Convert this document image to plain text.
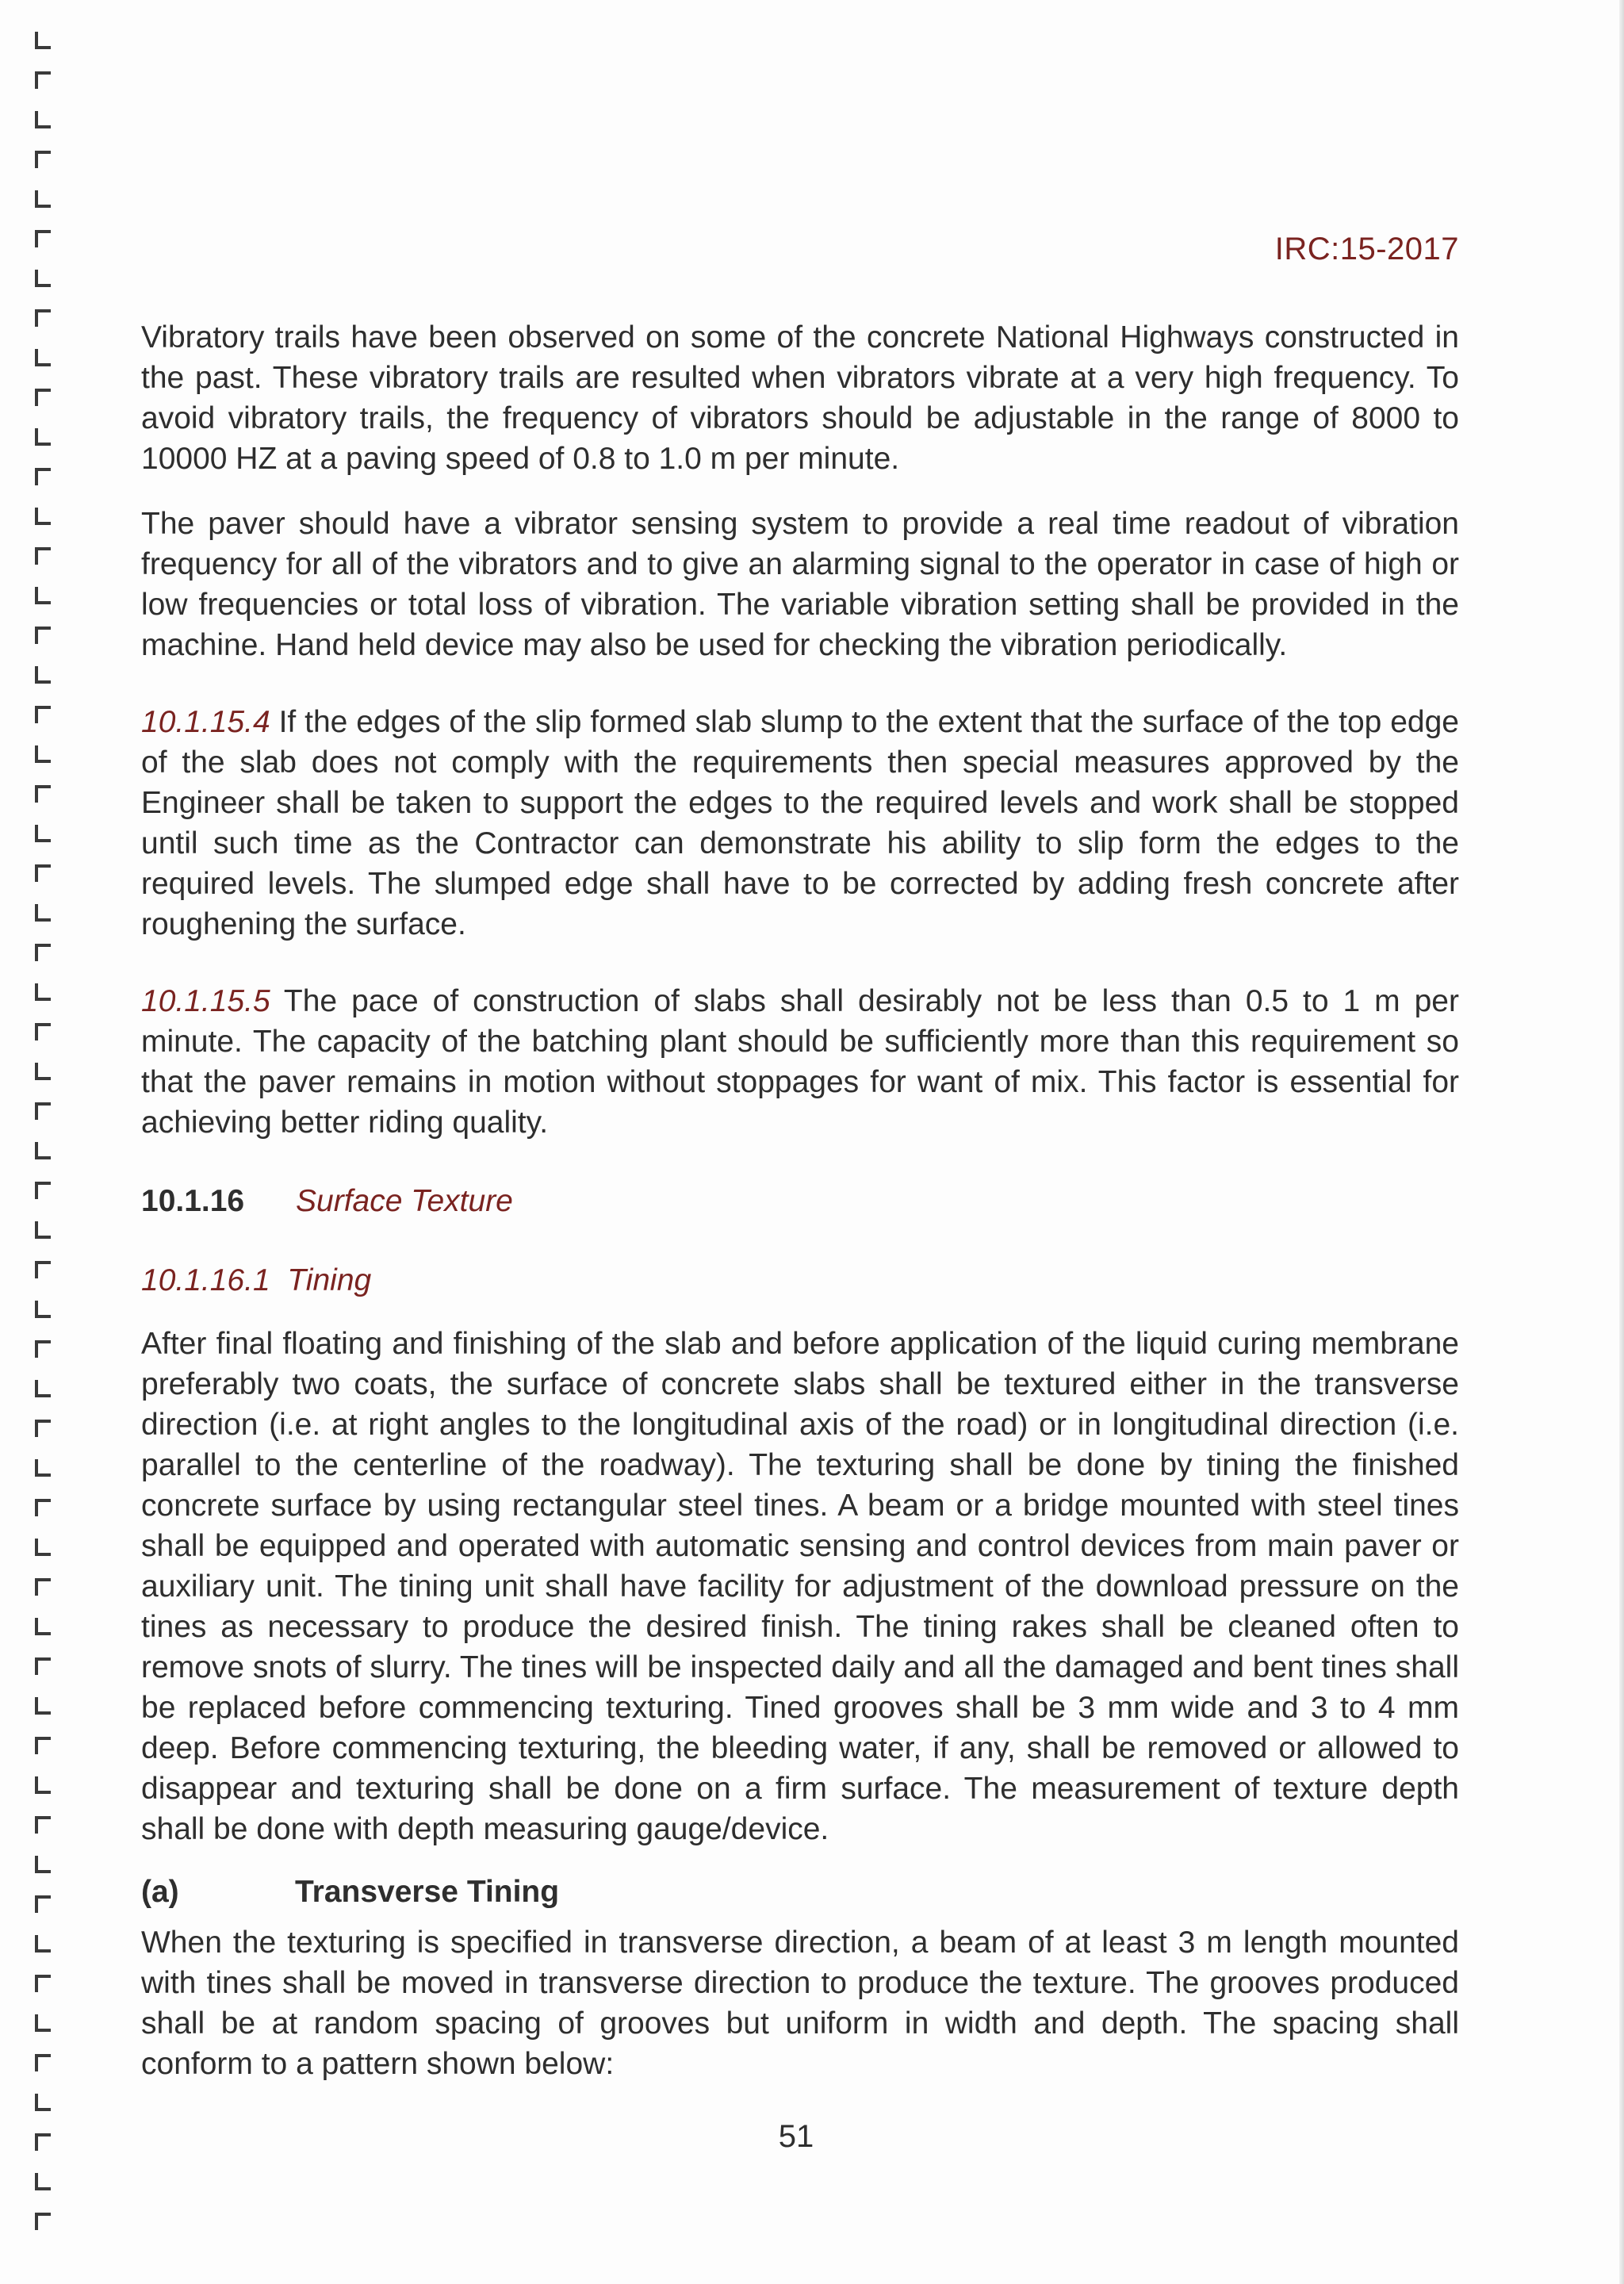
IRC:15-2017

Vibratory trails have been observed on some of the concrete National Highways constructed in the past. These vibratory trails are resulted when vibrators vibrate at a very high frequency. To avoid vibratory trails, the frequency of vibrators should be adjustable in the range of 8000 to 10000 HZ at a paving speed of 0.8 to 1.0 m per minute.

The paver should have a vibrator sensing system to provide a real time readout of vibration frequency for all of the vibrators and to give an alarming signal to the operator in case of high or low frequencies or total loss of vibration. The variable vibration setting shall be provided in the machine. Hand held device may also be used for checking the vibration periodically.

10.1.15.4 If the edges of the slip formed slab slump to the extent that the surface of the top edge of the slab does not comply with the requirements then special measures approved by the Engineer shall be taken to support the edges to the required levels and work shall be stopped until such time as the Contractor can demonstrate his ability to slip form the edges to the required levels. The slumped edge shall have to be corrected by adding fresh concrete after roughening the surface.

10.1.15.5 The pace of construction of slabs shall desirably not be less than 0.5 to 1 m per minute. The capacity of the batching plant should be sufficiently more than this requirement so that the paver remains in motion without stoppages for want of mix. This factor is essential for achieving better riding quality.

10.1.16 Surface Texture
10.1.16.1  Tining

After final floating and finishing of the slab and before application of the liquid curing membrane preferably two coats, the surface of concrete slabs shall be textured either in the transverse direction (i.e. at right angles to the longitudinal axis of the road) or in longitudinal direction (i.e. parallel to the centerline of the roadway). The texturing shall be done by tining the finished concrete surface by using rectangular steel tines. A beam or a bridge mounted with steel tines shall be equipped and operated with automatic sensing and control devices from main paver or auxiliary unit. The tining unit shall have facility for adjustment of the download pressure on the tines as necessary to produce the desired finish. The tining rakes shall be cleaned often to remove snots of slurry. The tines will be inspected daily and all the damaged and bent tines shall be replaced before commencing texturing. Tined grooves shall be 3 mm wide and 3 to 4 mm deep. Before commencing texturing, the bleeding water, if any, shall be removed or allowed to disappear and texturing shall be done on a firm surface. The measurement of texture depth shall be done with depth measuring gauge/device.

(a)	Transverse Tining

When the texturing is specified in transverse direction, a beam of at least 3 m length mounted with tines shall be moved in transverse direction to produce the texture. The grooves produced shall be at random spacing of grooves but uniform in width and depth. The spacing shall conform to a pattern shown below:

51
